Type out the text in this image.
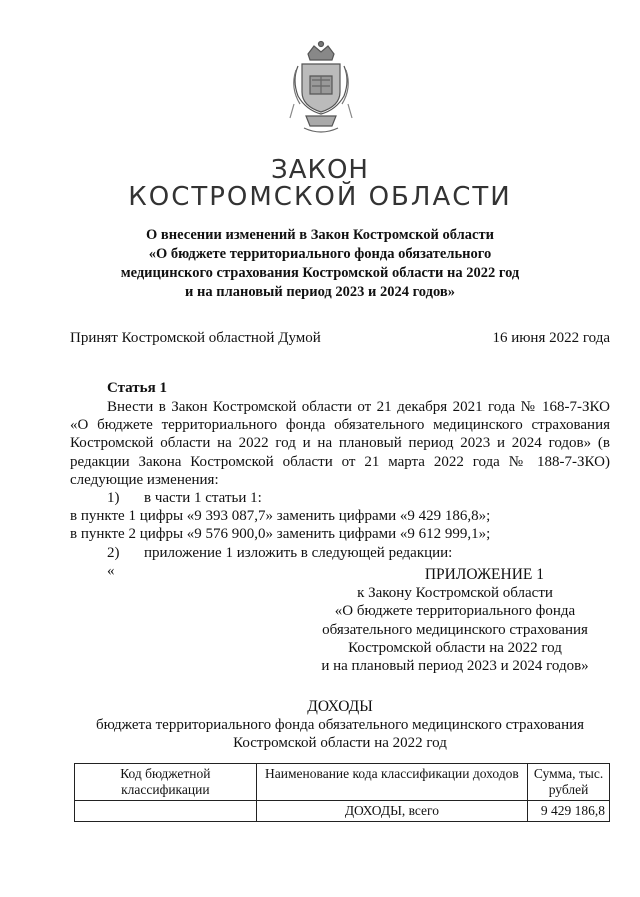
ЗАКОН
КОСТРОМСКОЙ ОБЛАСТИ
О внесении изменений в Закон Костромской области
«О бюджете территориального фонда обязательного
медицинского страхования Костромской области на 2022 год
и на плановый период 2023 и 2024 годов»
Принят Костромской областной Думой	16 июня 2022 года
Статья 1
Внести в Закон Костромской области от 21 декабря 2021 года № 168-7-ЗКО «О бюджете территориального фонда обязательного медицинского страхования Костромской области на 2022 год и на плановый период 2023 и 2024 годов» (в редакции Закона Костромской области от 21 марта 2022 года № 188-7-ЗКО) следующие изменения:
1) в части 1 статьи 1:
в пункте 1 цифры «9 393 087,7» заменить цифрами «9 429 186,8»;
в пункте 2 цифры «9 576 900,0» заменить цифрами «9 612 999,1»;
2) приложение 1 изложить в следующей редакции:
«	ПРИЛОЖЕНИЕ 1
к Закону Костромской области
«О бюджете территориального фонда
обязательного медицинского страхования
Костромской области на 2022 год
и на плановый период 2023 и 2024 годов»
ДОХОДЫ
бюджета территориального фонда обязательного медицинского страхования
Костромской области на 2022 год
Код бюджетной классификации	Наименование кода классификации доходов	Сумма, тыс. рублей
	ДОХОДЫ, всего	9 429 186,8
